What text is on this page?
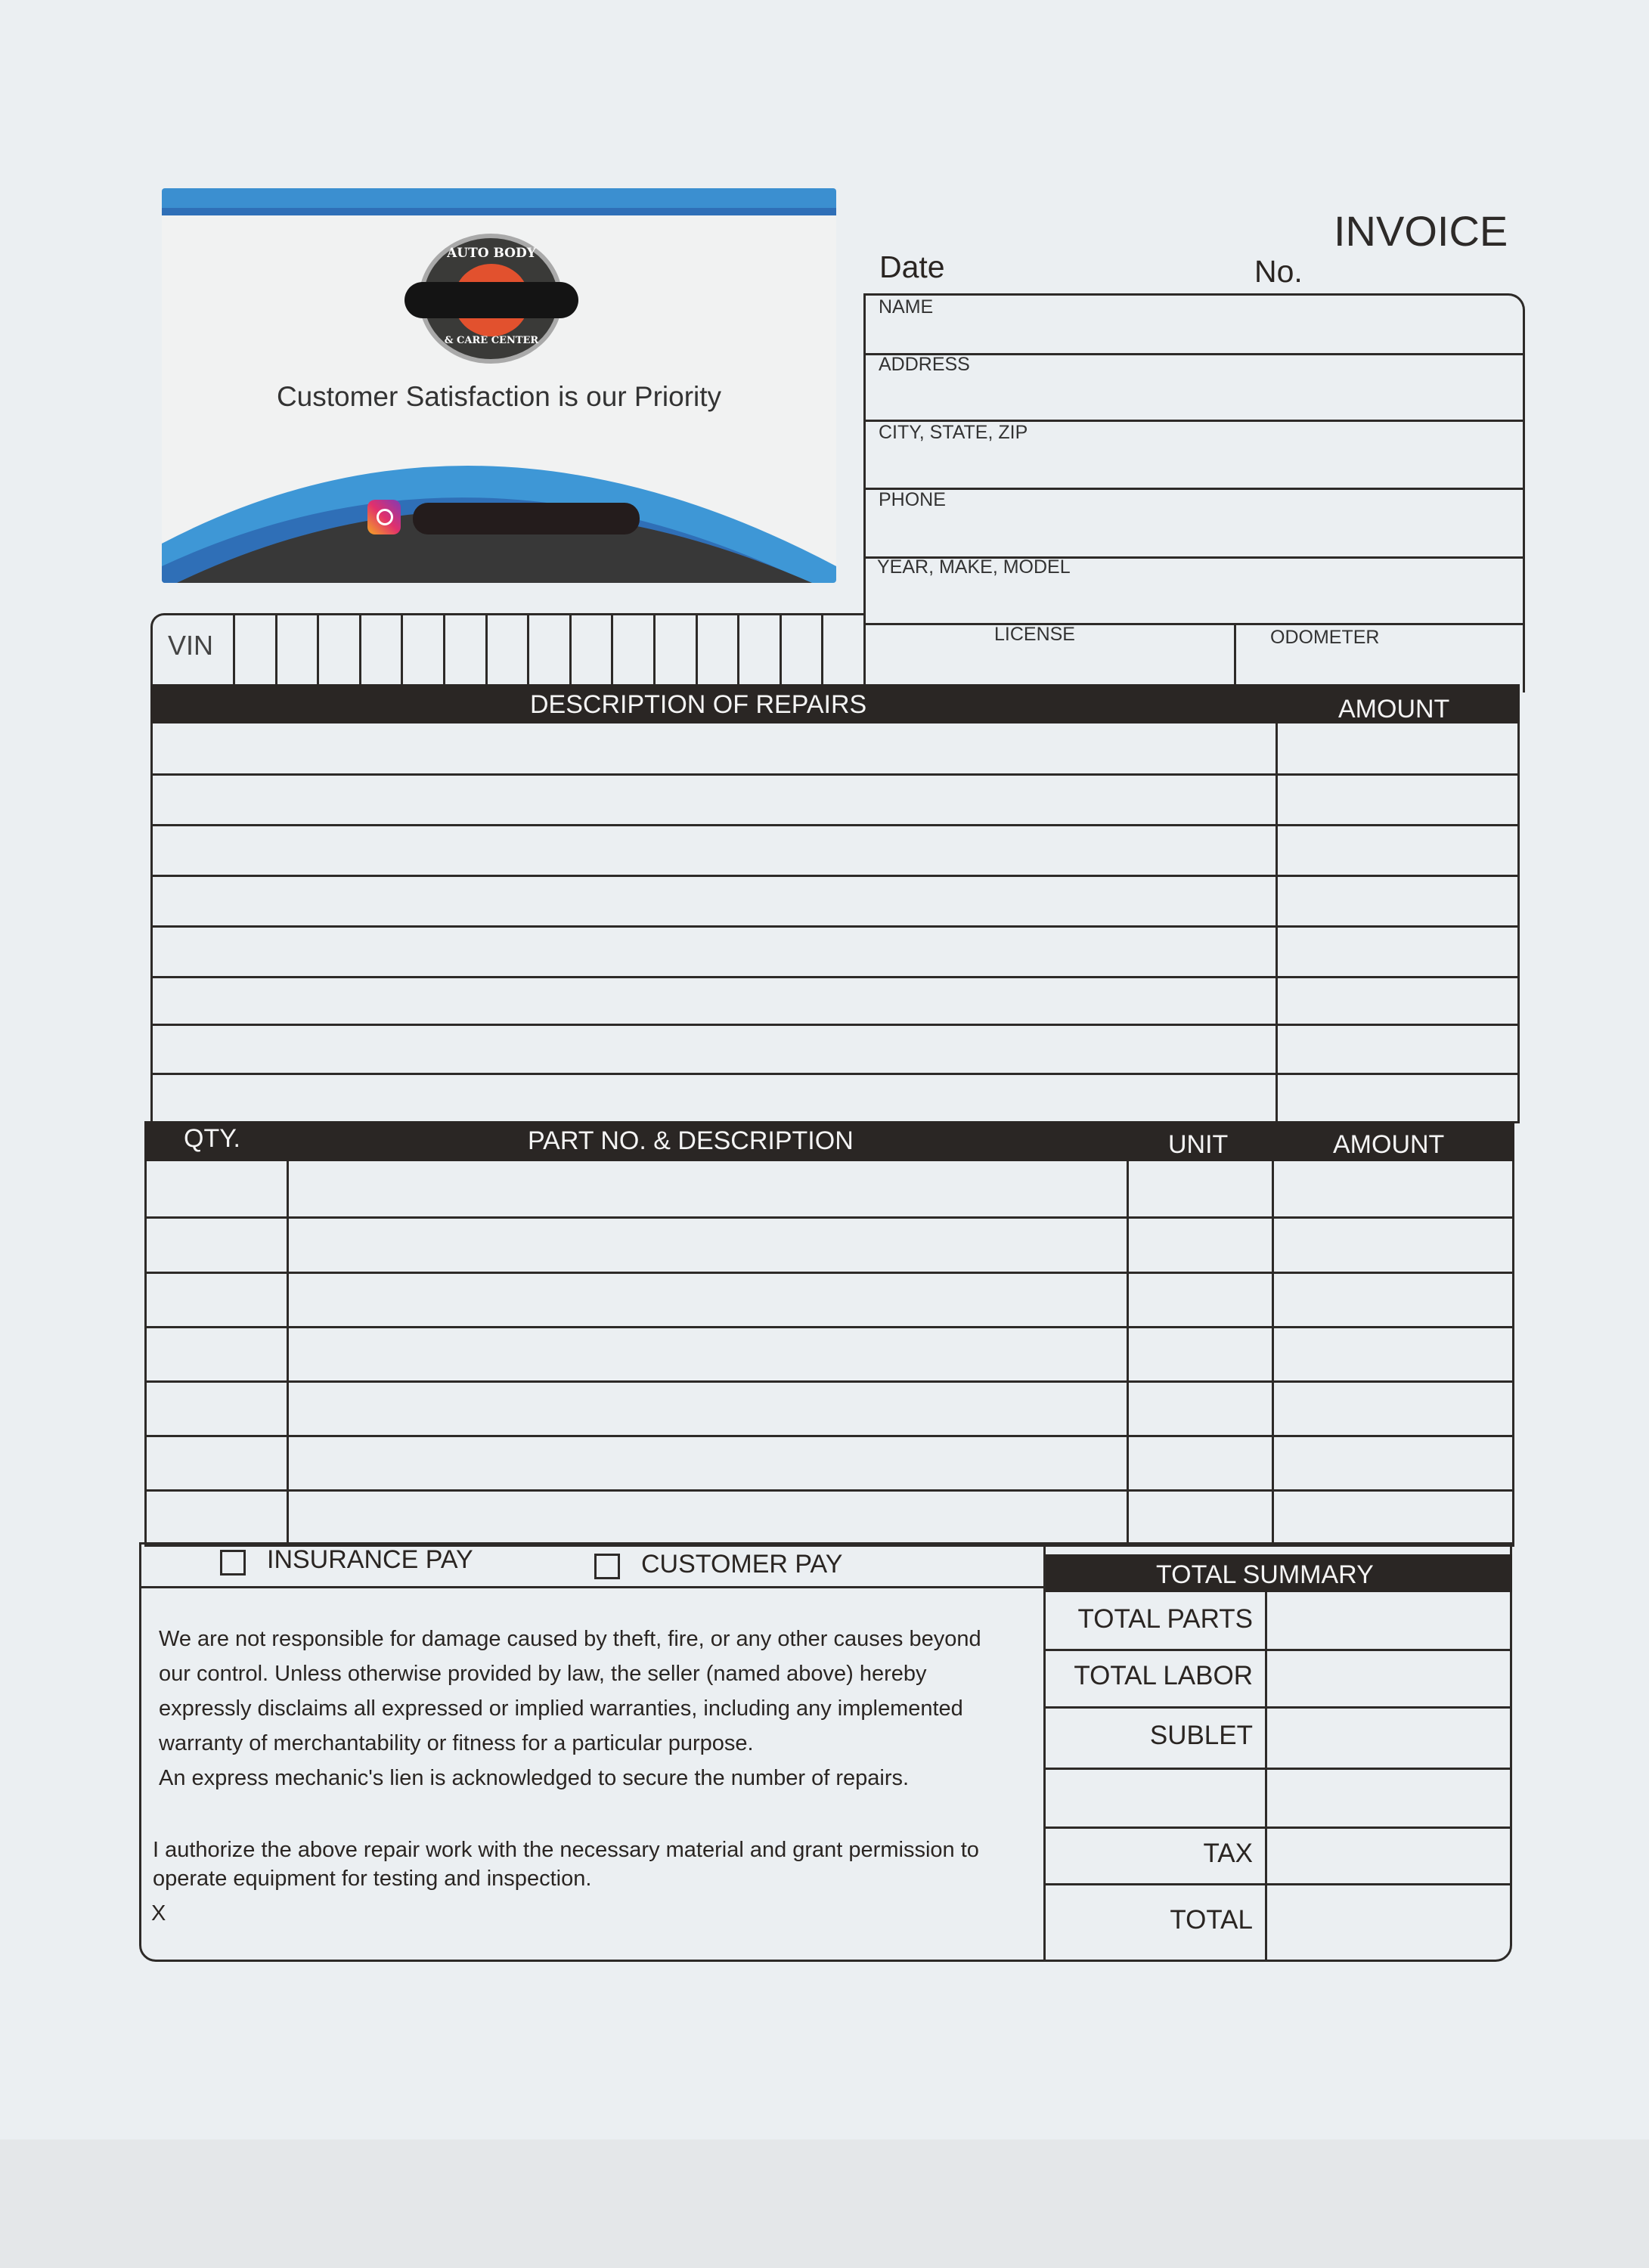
AUTO BODY
& CARE CENTER
Customer Satisfaction is our Priority
INVOICE
Date	No.
NAME
ADDRESS
CITY, STATE, ZIP
PHONE
YEAR, MAKE, MODEL
LICENSE	ODOMETER
VIN
DESCRIPTION OF REPAIRS	AMOUNT
QTY.	PART NO. & DESCRIPTION	UNIT	AMOUNT
INSURANCE PAY	CUSTOMER PAY
We are not responsible for damage caused by theft, fire, or any other causes beyond
our control. Unless otherwise provided by law, the seller (named above) hereby
expressly disclaims all expressed or implied warranties, including any implemented
warranty of merchantability or fitness for a particular purpose.
An express mechanic's lien is acknowledged to secure the number of repairs.
I authorize the above repair work with the necessary material and grant permission to
operate equipment for testing and inspection.
X
TOTAL SUMMARY
TOTAL PARTS
TOTAL LABOR
SUBLET
TAX
TOTAL
